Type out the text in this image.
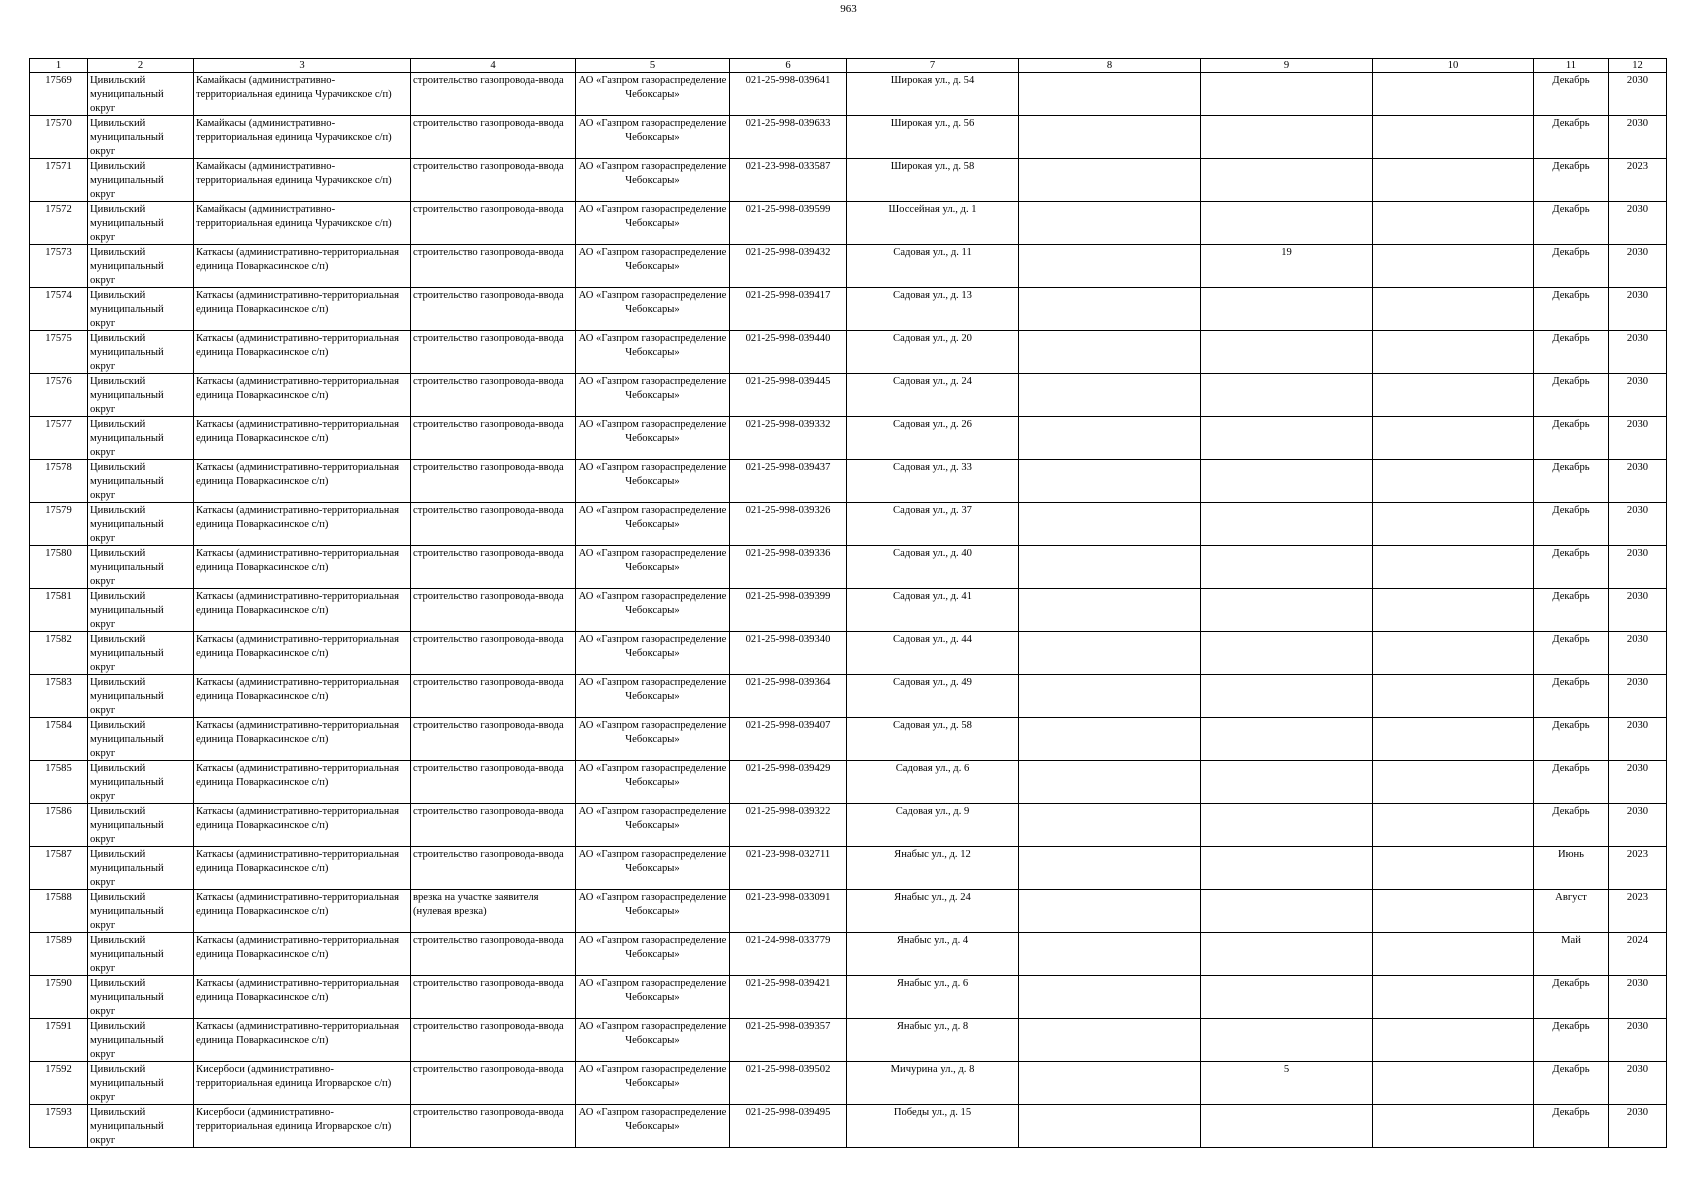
963
1	2	3	4	5	6	7	8	9	10	11	12

17569	Цивильский муниципальный округ	Камайкасы (административно-территориальная единица Чурачикское с/п)	строительство газопровода-ввода	АО «Газпром газораспределение Чебоксары»	021-25-998-039641	Широкая ул., д. 54				Декабрь	2030

17570	Цивильский муниципальный округ	Камайкасы (административно-территориальная единица Чурачикское с/п)	строительство газопровода-ввода	АО «Газпром газораспределение Чебоксары»	021-25-998-039633	Широкая ул., д. 56				Декабрь	2030

17571	Цивильский муниципальный округ	Камайкасы (административно-территориальная единица Чурачикское с/п)	строительство газопровода-ввода	АО «Газпром газораспределение Чебоксары»	021-23-998-033587	Широкая ул., д. 58				Декабрь	2023

17572	Цивильский муниципальный округ	Камайкасы (административно-территориальная единица Чурачикское с/п)	строительство газопровода-ввода	АО «Газпром газораспределение Чебоксары»	021-25-998-039599	Шоссейная ул., д. 1				Декабрь	2030

17573	Цивильский муниципальный округ	Каткасы (административно-территориальная единица Поваркасинское с/п)	строительство газопровода-ввода	АО «Газпром газораспределение Чебоксары»	021-25-998-039432	Садовая ул., д. 11		19		Декабрь	2030

17574	Цивильский муниципальный округ	Каткасы (административно-территориальная единица Поваркасинское с/п)	строительство газопровода-ввода	АО «Газпром газораспределение Чебоксары»	021-25-998-039417	Садовая ул., д. 13				Декабрь	2030

17575	Цивильский муниципальный округ	Каткасы (административно-территориальная единица Поваркасинское с/п)	строительство газопровода-ввода	АО «Газпром газораспределение Чебоксары»	021-25-998-039440	Садовая ул., д. 20				Декабрь	2030

17576	Цивильский муниципальный округ	Каткасы (административно-территориальная единица Поваркасинское с/п)	строительство газопровода-ввода	АО «Газпром газораспределение Чебоксары»	021-25-998-039445	Садовая ул., д. 24				Декабрь	2030

17577	Цивильский муниципальный округ	Каткасы (административно-территориальная единица Поваркасинское с/п)	строительство газопровода-ввода	АО «Газпром газораспределение Чебоксары»	021-25-998-039332	Садовая ул., д. 26				Декабрь	2030

17578	Цивильский муниципальный округ	Каткасы (административно-территориальная единица Поваркасинское с/п)	строительство газопровода-ввода	АО «Газпром газораспределение Чебоксары»	021-25-998-039437	Садовая ул., д. 33				Декабрь	2030

17579	Цивильский муниципальный округ	Каткасы (административно-территориальная единица Поваркасинское с/п)	строительство газопровода-ввода	АО «Газпром газораспределение Чебоксары»	021-25-998-039326	Садовая ул., д. 37				Декабрь	2030

17580	Цивильский муниципальный округ	Каткасы (административно-территориальная единица Поваркасинское с/п)	строительство газопровода-ввода	АО «Газпром газораспределение Чебоксары»	021-25-998-039336	Садовая ул., д. 40				Декабрь	2030

17581	Цивильский муниципальный округ	Каткасы (административно-территориальная единица Поваркасинское с/п)	строительство газопровода-ввода	АО «Газпром газораспределение Чебоксары»	021-25-998-039399	Садовая ул., д. 41				Декабрь	2030

17582	Цивильский муниципальный округ	Каткасы (административно-территориальная единица Поваркасинское с/п)	строительство газопровода-ввода	АО «Газпром газораспределение Чебоксары»	021-25-998-039340	Садовая ул., д. 44				Декабрь	2030

17583	Цивильский муниципальный округ	Каткасы (административно-территориальная единица Поваркасинское с/п)	строительство газопровода-ввода	АО «Газпром газораспределение Чебоксары»	021-25-998-039364	Садовая ул., д. 49				Декабрь	2030

17584	Цивильский муниципальный округ	Каткасы (административно-территориальная единица Поваркасинское с/п)	строительство газопровода-ввода	АО «Газпром газораспределение Чебоксары»	021-25-998-039407	Садовая ул., д. 58				Декабрь	2030

17585	Цивильский муниципальный округ	Каткасы (административно-территориальная единица Поваркасинское с/п)	строительство газопровода-ввода	АО «Газпром газораспределение Чебоксары»	021-25-998-039429	Садовая ул., д. 6				Декабрь	2030

17586	Цивильский муниципальный округ	Каткасы (административно-территориальная единица Поваркасинское с/п)	строительство газопровода-ввода	АО «Газпром газораспределение Чебоксары»	021-25-998-039322	Садовая ул., д. 9				Декабрь	2030

17587	Цивильский муниципальный округ	Каткасы (административно-территориальная единица Поваркасинское с/п)	строительство газопровода-ввода	АО «Газпром газораспределение Чебоксары»	021-23-998-032711	Янабыс ул., д. 12				Июнь	2023

17588	Цивильский муниципальный округ	Каткасы (административно-территориальная единица Поваркасинское с/п)	врезка на участке заявителя (нулевая врезка)	АО «Газпром газораспределение Чебоксары»	021-23-998-033091	Янабыс ул., д. 24				Август	2023

17589	Цивильский муниципальный округ	Каткасы (административно-территориальная единица Поваркасинское с/п)	строительство газопровода-ввода	АО «Газпром газораспределение Чебоксары»	021-24-998-033779	Янабыс ул., д. 4				Май	2024

17590	Цивильский муниципальный округ	Каткасы (административно-территориальная единица Поваркасинское с/п)	строительство газопровода-ввода	АО «Газпром газораспределение Чебоксары»	021-25-998-039421	Янабыс ул., д. 6				Декабрь	2030

17591	Цивильский муниципальный округ	Каткасы (административно-территориальная единица Поваркасинское с/п)	строительство газопровода-ввода	АО «Газпром газораспределение Чебоксары»	021-25-998-039357	Янабыс ул., д. 8				Декабрь	2030

17592	Цивильский муниципальный округ	Кисербоси (административно-территориальная единица Игорварское с/п)	строительство газопровода-ввода	АО «Газпром газораспределение Чебоксары»	021-25-998-039502	Мичурина ул., д. 8		5		Декабрь	2030

17593	Цивильский муниципальный округ	Кисербоси (административно-территориальная единица Игорварское с/п)	строительство газопровода-ввода	АО «Газпром газораспределение Чебоксары»	021-25-998-039495	Победы ул., д. 15				Декабрь	2030
